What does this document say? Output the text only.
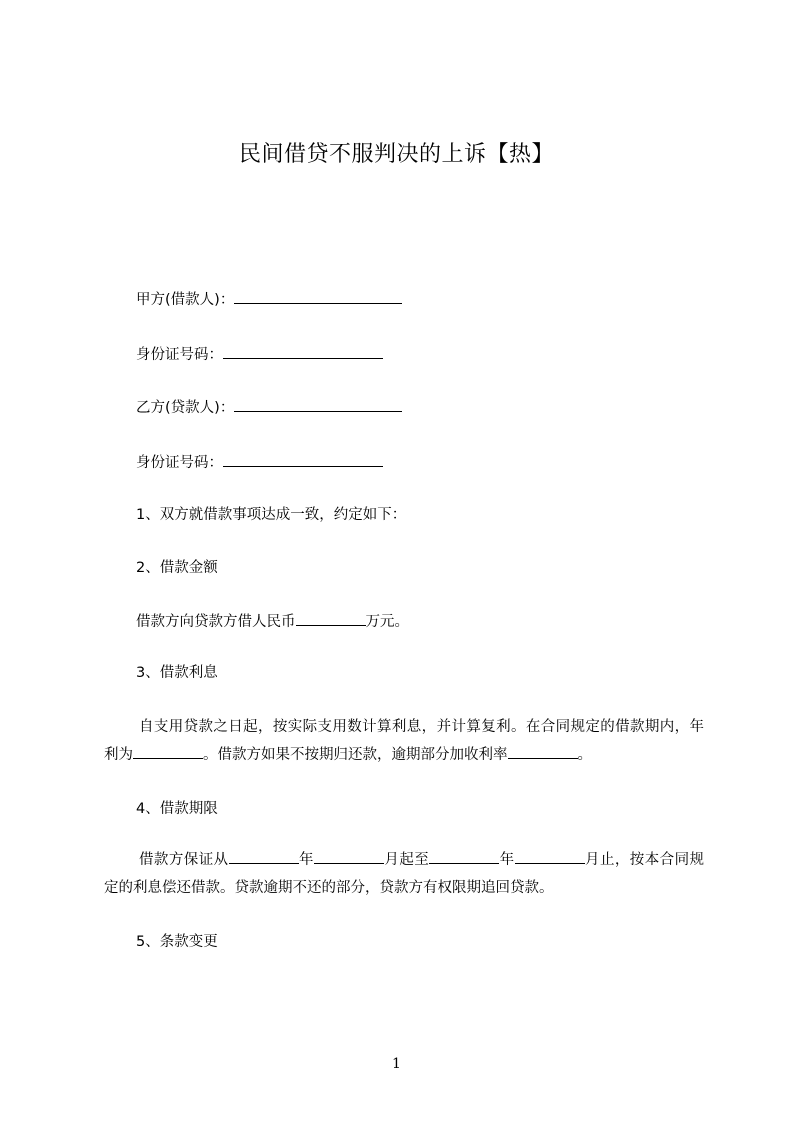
民间借贷不服判决的上诉【热】
甲方(借款人)：
身份证号码：
乙方(贷款人)：
身份证号码：
1、双方就借款事项达成一致，约定如下：
2、借款金额
借款方向贷款方借人民币	万元。
3、借款利息
自支用贷款之日起，按实际支用数计算利息，并计算复利。在合同规定的借款期内，年利为	。借款方如果不按期归还款，逾期部分加收利率	。
4、借款期限
借款方保证从	年	月起至	年	月止，按本合同规定的利息偿还借款。贷款逾期不还的部分，贷款方有权限期追回贷款。
5、条款变更
1
